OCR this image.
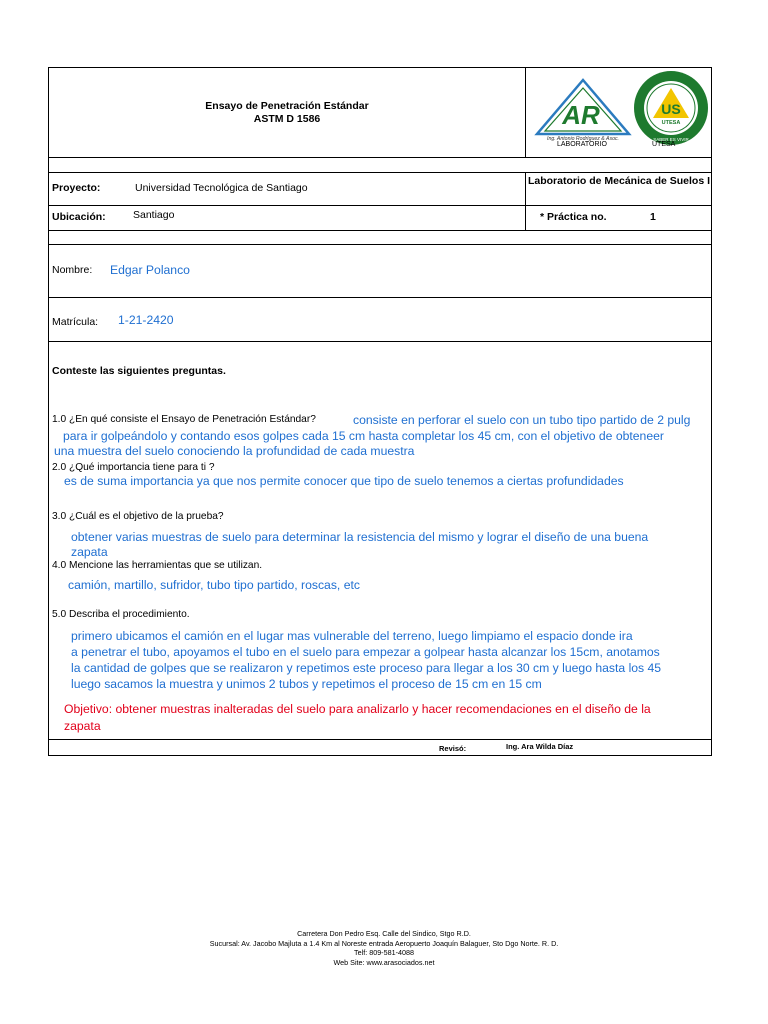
Ensayo de Penetración Estándar
ASTM D 1586	AR
Ing. Antonio Rodríguez & Asoc.
LABORATORIO
US
UTESA
SABER ES VIVIR
UTESA
Proyecto:	Universidad Tecnológica de Santiago
Laboratorio de Mecánica de Suelos I
Ubicación:	Santiago	* Práctica no.	1
Nombre: Edgar Polanco
Matrícula: 1-21-2420
Conteste las siguientes preguntas.
1.0 ¿En qué consiste el Ensayo de Penetración Estándar?	consiste en perforar el suelo con un tubo tipo partido de 2 pulg
para ir golpeándolo y contando esos golpes cada 15 cm hasta completar los 45 cm, con el objetivo de obteneer
una muestra del suelo conociendo la profundidad de cada muestra
2.0 ¿Qué importancia tiene para ti ?
es de suma importancia ya que nos permite conocer que tipo de suelo tenemos a ciertas profundidades
3.0 ¿Cuál es el objetivo de la prueba?
obtener varias muestras de suelo para determinar la resistencia del mismo y lograr el diseño de una buena
zapata
4.0 Mencione las herramientas que se utilizan.
camión, martillo, sufridor, tubo tipo partido, roscas, etc
5.0 Describa el procedimiento.
primero ubicamos el camión en el lugar mas vulnerable del terreno, luego limpiamo el espacio donde ira
a penetrar el tubo, apoyamos el tubo en el suelo para empezar a golpear hasta alcanzar los 15cm, anotamos
la cantidad de golpes que se realizaron y repetimos este proceso para llegar a los 30 cm y luego hasta los 45
luego sacamos la muestra y unimos 2 tubos y repetimos el proceso de 15 cm en 15 cm
Objetivo: obtener muestras inalteradas del suelo para analizarlo y hacer recomendaciones en el diseño de la
zapata
Revisó:	Ing. Ara Wilda Díaz
Carretera Don Pedro Esq. Calle del Sindico, Stgo R.D.
Sucursal: Av. Jacobo Majluta a 1.4 Km al Noreste entrada Aeropuerto Joaquín Balaguer, Sto Dgo Norte. R. D.
Telf: 809-581-4088
Web Site: www.arasociados.net
